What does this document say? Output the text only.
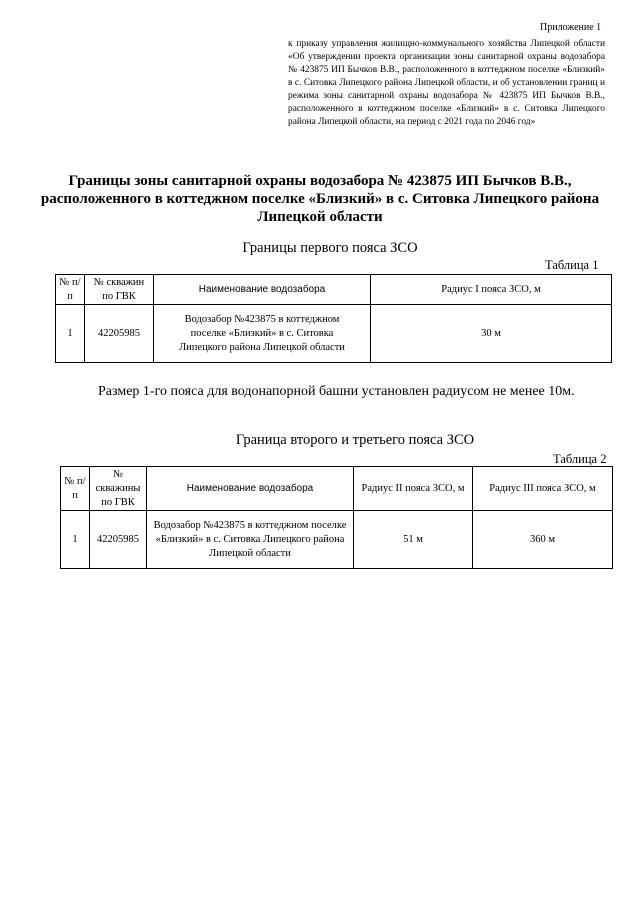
Приложение 1
к приказу управления жилищно-коммунального хозяйства Липецкой области «Об утверждении проекта организации зоны санитарной охраны водозабора № 423875 ИП Бычков В.В., расположенного в коттеджном поселке «Близкий» в с. Ситовка Липецкого района Липецкой области, и об установлении границ и режима зоны санитарной охраны водозабора № 423875 ИП Бычков В.В., расположенного в коттеджном поселке «Близкий» в с. Ситовка Липецкого района Липецкой области, на период с 2021 года по 2046 год»
Границы зоны санитарной охраны водозабора № 423875 ИП Бычков В.В., расположенного в коттеджном поселке «Близкий» в с. Ситовка Липецкого района Липецкой области
Границы первого пояса ЗСО
Таблица 1
№ п/п	№ скважин по ГВК	Наименование водозабора	Радиус I пояса ЗСО, м
1	42205985	Водозабор №423875 в коттеджном поселке «Близкий» в с. Ситовка Липецкого района Липецкой области	30 м
Размер 1-го пояса для водонапорной башни установлен радиусом не менее 10м.
Граница второго и третьего пояса ЗСО
Таблица 2
№ п/п	№ скважины по ГВК	Наименование водозабора	Радиус II пояса ЗСО, м	Радиус III пояса ЗСО, м
1	42205985	Водозабор №423875 в коттеджном поселке «Близкий» в с. Ситовка Липецкого района Липецкой области	51 м	360 м
